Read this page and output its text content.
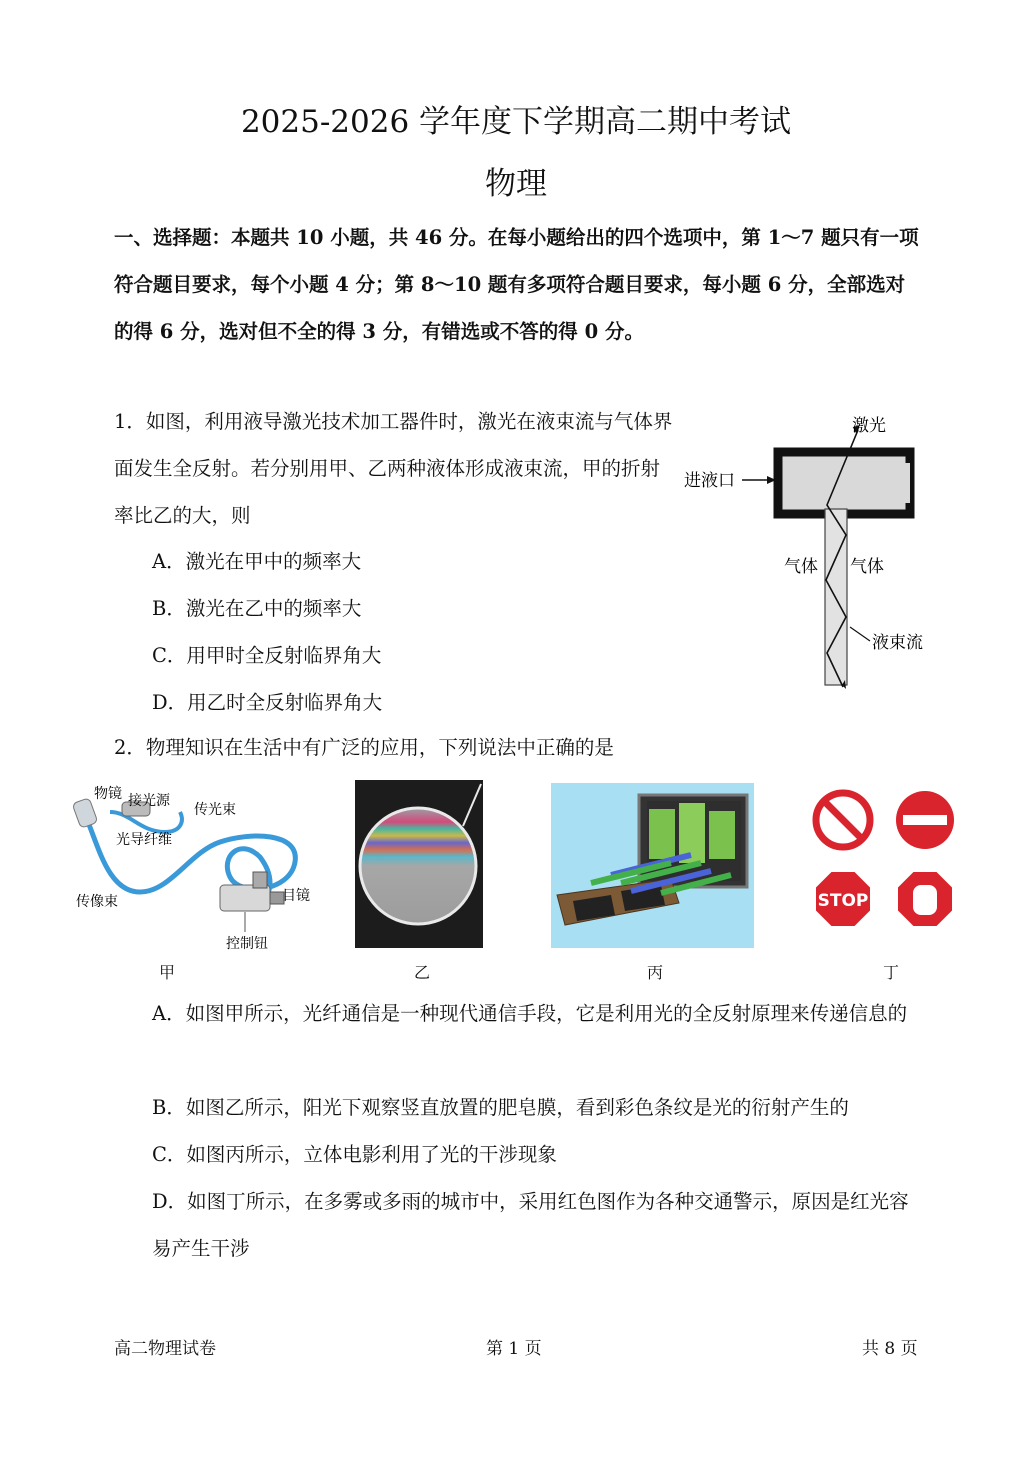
2025-2026 学年度下学期高二期中考试
物理

一、选择题：本题共 10 小题，共 46 分。在每小题给出的四个选项中，第 1～7 题只有一项符合题目要求，每个小题 4 分；第 8～10 题有多项符合题目要求，每小题 6 分，全部选对的得 6 分，选对但不全的得 3 分，有错选或不答的得 0 分。

1．如图，利用液导激光技术加工器件时，激光在液束流与气体界面发生全反射。若分别用甲、乙两种液体形成液束流，甲的折射率比乙的大，则
A．激光在甲中的频率大
B．激光在乙中的频率大
C．用甲时全反射临界角大
D．用乙时全反射临界角大
激光
进液口
气体 气体
液束流
2．物理知识在生活中有广泛的应用，下列说法中正确的是
物镜 接光源
传光束
光导纤维
传像束	目镜
控制钮
STOP
甲	乙	丙	丁
A．如图甲所示，光纤通信是一种现代通信手段，它是利用光的全反射原理来传递信息的
B．如图乙所示，阳光下观察竖直放置的肥皂膜，看到彩色条纹是光的衍射产生的
C．如图丙所示，立体电影利用了光的干涉现象
D．如图丁所示，在多雾或多雨的城市中，采用红色图作为各种交通警示，原因是红光容易产生干涉
高二物理试卷	第 1 页	共 8 页
